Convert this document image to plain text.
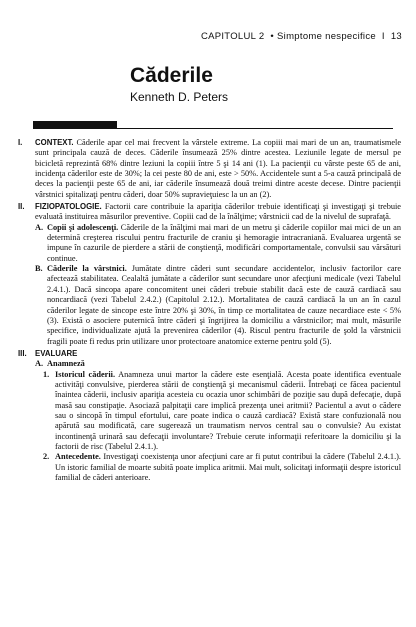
CAPITOLUL 2 • Simptome nespecifice I 13
Căderile
Kenneth D. Peters
I.	CONTEXT. Căderile apar cel mai frecvent la vârstele extreme. La copiii mai mari de un an, traumatismele sunt principala cauză de deces. Căderile însumează 25% dintre acestea. Leziunile legate de mersul pe bicicletă reprezintă 68% dintre leziuni la copiii între 5 şi 14 ani (1). La pacienţii cu vârste peste 65 de ani, incidenţa căderilor este de 30%; la cei peste 80 de ani, este > 50%. Accidentele sunt a 5-a cauză principală de deces la pacienţii peste 65 de ani, iar căderile însumează două treimi dintre aceste decese. Dintre pacienţii vârstnici spitalizaţi pentru căderi, doar 50% supravieţuiesc la un an (2).
II.	FIZIOPATOLOGIE. Factorii care contribuie la apariţia căderilor trebuie identificaţi şi investigaţi şi trebuie evaluată instituirea măsurilor preventive. Copiii cad de la înălţime; vârstnicii cad de la nivelul de suprafaţă.
A. Copii şi adolescenţi. Căderile de la înălţimi mai mari de un metru şi căderile copiilor mai mici de un an determină creşterea riscului pentru fracturile de craniu şi hemoragie intracraniană. Evaluarea urgentă se impune în cazurile de pierdere a stării de conştienţă, modificări comportamentale, convulsii sau vărsături continue.
B. Căderile la vârstnici. Jumătate dintre căderi sunt secundare accidentelor, inclusiv factorilor care afectează stabilitatea. Cealaltă jumătate a căderilor sunt secundare unor afecţiuni medicale (vezi Tabelul 2.4.1.). Dacă sincopa apare concomitent unei căderi trebuie stabilit dacă este de cauză cardiacă sau noncardiacă (vezi Tabelul 2.4.2.) (Capitolul 2.12.). Mortalitatea de cauză cardiacă la un an în cazul căderilor legate de sincope este între 20% şi 30%, în timp ce mortalitatea de cauze necardiace este < 5% (3). Există o asociere puternică între căderi şi îngrijirea la domiciliu a vârstnicilor; mai mult, măsurile specifice, individualizate ajută la prevenirea căderilor (4). Riscul pentru fracturile de şold la vârstnicii fragili poate fi redus prin utilizare unor protectoare anatomice externe pentru şold (5).
III.	EVALUARE
A. Anamneză
1. Istoricul căderii. Anamneza unui martor la cădere este esenţială. Acesta poate identifica eventuale activităţi convulsive, pierderea stării de conştienţă şi mecanismul căderii. Întrebaţi ce făcea pacientul înaintea căderii, inclusiv apariţia acesteia cu ocazia unor schimbări de poziţie sau după defecaţie, după masă sau constipaţie. Asociază palpitaţii care implică prezenţa unei aritmii? Pacientul a avut o cădere sau o sincopă în timpul efortului, care poate indica o cauză cardiacă? Există stare confuzională nou apărută sau modificată, care sugerează un traumatism nervos central sau o convulsie? Au existat incontinenţă urinară sau defecaţii involuntare? Trebuie cerute informaţii referitoare la domiciliu şi la factorii de risc (Tabelul 2.4.1.).
2. Antecedente. Investigaţi coexistenţa unor afecţiuni care ar fi putut contribui la cădere (Tabelul 2.4.1.). Un istoric familial de moarte subită poate implica aritmii. Mai mult, solicitaţi informaţii despre istoricul familial de căderi anterioare.
